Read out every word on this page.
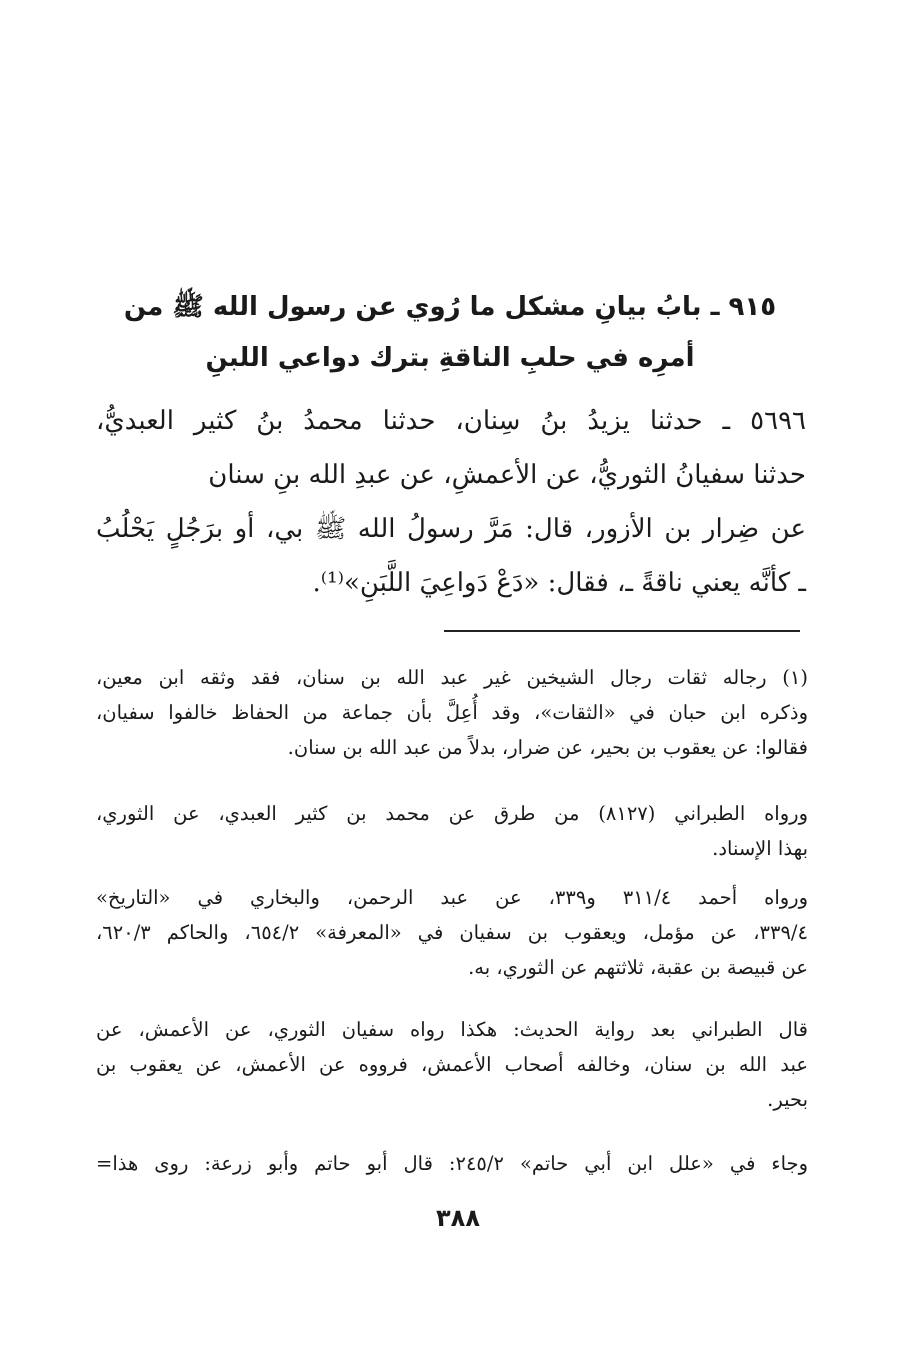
٩١٥ ـ بابُ بيانِ مشكل ما رُوي عن رسول الله ﷺ من
أمرِه في حلبِ الناقةِ بترك دواعي اللبنِ
٥٦٩٦ ـ حدثنا يزيدُ بنُ سِنان، حدثنا محمدُ بنُ كثير العبديُّ،
حدثنا سفيانُ الثوريُّ، عن الأعمشِ، عن عبدِ الله بنِ سنان
عن ضِرار بن الأزور، قال: مَرَّ رسولُ الله ﷺ بي، أو برَجُلٍ يَحْلُبُ
ـ كأنَّه يعني ناقةً ـ، فقال: «دَعْ دَواعِيَ اللَّبَنِ»⁽¹⁾.
(١) رجاله ثقات رجال الشيخين غير عبد الله بن سنان، فقد وثقه ابن معين،
وذكره ابن حبان في «الثقات»، وقد أُعِلَّ بأن جماعة من الحفاظ خالفوا سفيان،
فقالوا: عن يعقوب بن بحير، عن ضرار، بدلاً من عبد الله بن سنان.
ورواه الطبراني (٨١٢٧) من طرق عن محمد بن كثير العبدي، عن الثوري،
بهذا الإسناد.
ورواه أحمد ٣١١/٤ و٣٣٩، عن عبد الرحمن، والبخاري في «التاريخ»
٣٣٩/٤، عن مؤمل، ويعقوب بن سفيان في «المعرفة» ٦٥٤/٢، والحاكم ٦٢٠/٣،
عن قبيصة بن عقبة، ثلاثتهم عن الثوري، به.
قال الطبراني بعد رواية الحديث: هكذا رواه سفيان الثوري، عن الأعمش، عن
عبد الله بن سنان، وخالفه أصحاب الأعمش، فرووه عن الأعمش، عن يعقوب بن
بحير.
وجاء في «علل ابن أبي حاتم» ٢٤٥/٢: قال أبو حاتم وأبو زرعة: روى هذا=
٣٨٨
